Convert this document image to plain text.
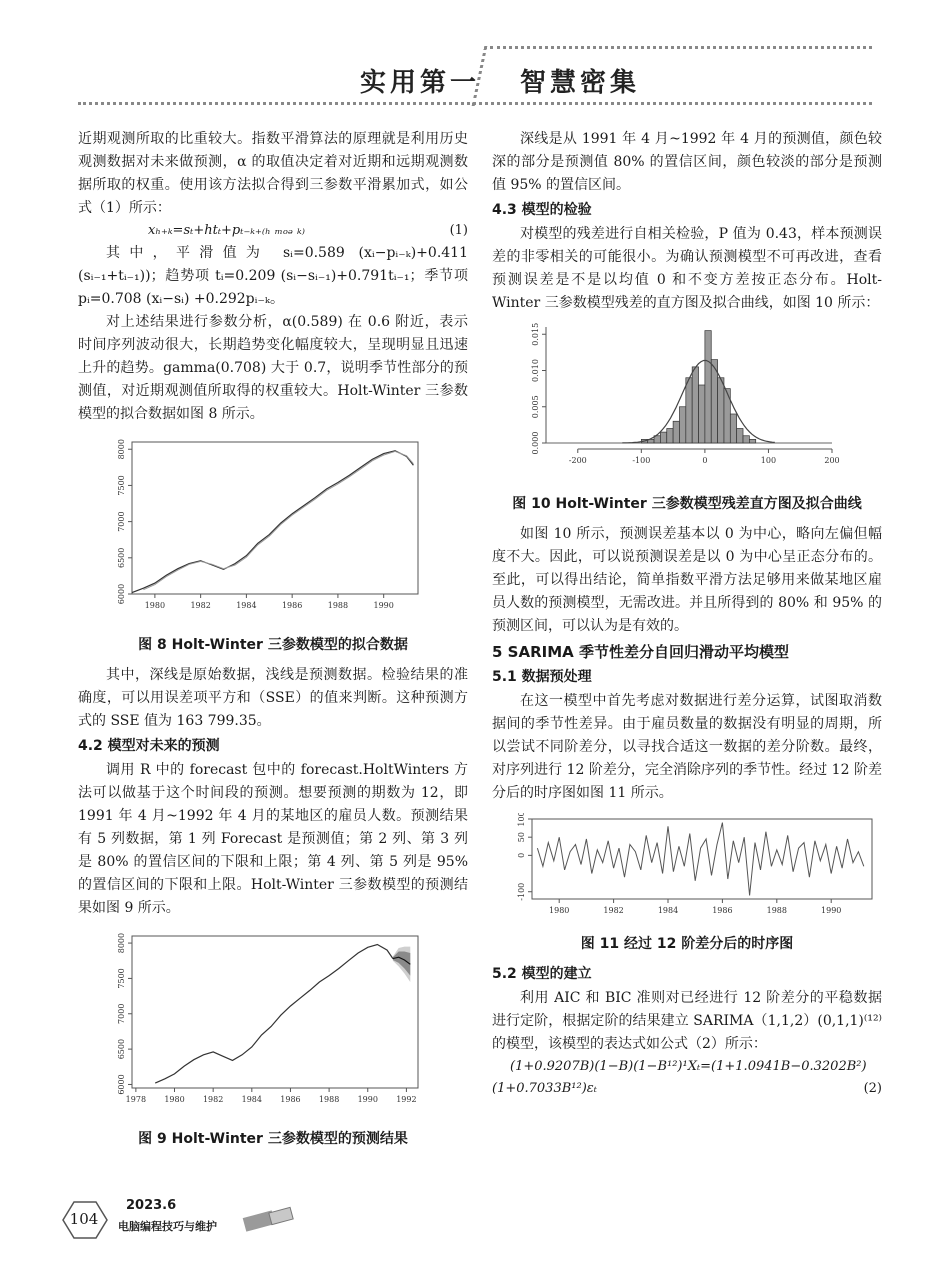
实用第一 智慧密集

近期观测所取的比重较大。指数平滑算法的原理就是利用历史观测数据对未来做预测，α 的取值决定着对近期和远期观测数据所取的权重。使用该方法拟合得到三参数平滑累加式，如公式（1）所示：

xₕ₊ₖ=sₜ+htₜ+pₜ₋ₖ₊₍ₕ ₘₒₔ ₖ₎	(1)

其中，平滑值为 sᵢ=0.589 (xᵢ−pᵢ₋ₖ)+0.411 (sᵢ₋₁+tᵢ₋₁))；趋势项 tᵢ=0.209 (sᵢ−sᵢ₋₁)+0.791tᵢ₋₁；季节项 pᵢ=0.708 (xᵢ−sᵢ) +0.292pᵢ₋ₖ。

对上述结果进行参数分析，α(0.589) 在 0.6 附近，表示时间序列波动很大，长期趋势变化幅度较大，呈现明显且迅速上升的趋势。gamma(0.708) 大于 0.7，说明季节性部分的预测值，对近期观测值所取得的权重较大。Holt-Winter 三参数模型的拟合数据如图 8 所示。

6000
6500
7000
7500
8000
1980	1982	1984	1986	1988	1990
图 8 Holt-Winter 三参数模型的拟合数据

其中，深线是原始数据，浅线是预测数据。检验结果的准确度，可以用误差项平方和（SSE）的值来判断。这种预测方式的 SSE 值为 163 799.35。

4.2 模型对未来的预测

调用 R 中的 forecast 包中的 forecast.HoltWinters 方法可以做基于这个时间段的预测。想要预测的期数为 12，即 1991 年 4 月~1992 年 4 月的某地区的雇员人数。预测结果有 5 列数据，第 1 列 Forecast 是预测值；第 2 列、第 3 列是 80% 的置信区间的下限和上限；第 4 列、第 5 列是 95% 的置信区间的下限和上限。Holt-Winter 三参数模型的预测结果如图 9 所示。

6000
6500
7000
7500
8000
1978 1980 1982 1984 1986 1988 1990 1992
图 9 Holt-Winter 三参数模型的预测结果

深线是从 1991 年 4 月~1992 年 4 月的预测值，颜色较深的部分是预测值 80% 的置信区间，颜色较淡的部分是预测值 95% 的置信区间。

4.3 模型的检验

对模型的残差进行自相关检验，P 值为 0.43，样本预测误差的非零相关的可能很小。为确认预测模型不可再改进，查看预测误差是不是以均值 0 和不变方差按正态分布。Holt-Winter 三参数模型残差的直方图及拟合曲线，如图 10 所示：

0.000
0.005
0.010
0.015
-200	-100	0	100	200
图 10 Holt-Winter 三参数模型残差直方图及拟合曲线

如图 10 所示，预测误差基本以 0 为中心，略向左偏但幅度不大。因此，可以说预测误差是以 0 为中心呈正态分布的。至此，可以得出结论，简单指数平滑方法足够用来做某地区雇员人数的预测模型，无需改进。并且所得到的 80% 和 95% 的预测区间，可以认为是有效的。

5 SARIMA 季节性差分自回归滑动平均模型
5.1 数据预处理

在这一模型中首先考虑对数据进行差分运算，试图取消数据间的季节性差异。由于雇员数量的数据没有明显的周期，所以尝试不同阶差分，以寻找合适这一数据的差分阶数。最终，对序列进行 12 阶差分，完全消除序列的季节性。经过 12 阶差分后的时序图如图 11 所示。

-100
0
50
100
1980	1982	1984	1986	1988	1990
图 11 经过 12 阶差分后的时序图
5.2 模型的建立

利用 AIC 和 BIC 准则对已经进行 12 阶差分的平稳数据进行定阶，根据定阶的结果建立 SARIMA（1,1,2）(0,1,1)⁽¹²⁾的模型，该模型的表达式如公式（2）所示：

(1+0.9207B)(1−B)(1−B¹²)¹Xₜ=(1+1.0941B−0.3202B²)

(1+0.7033B¹²)εₜ	(2)
104
2023.6
电脑编程技巧与维护
